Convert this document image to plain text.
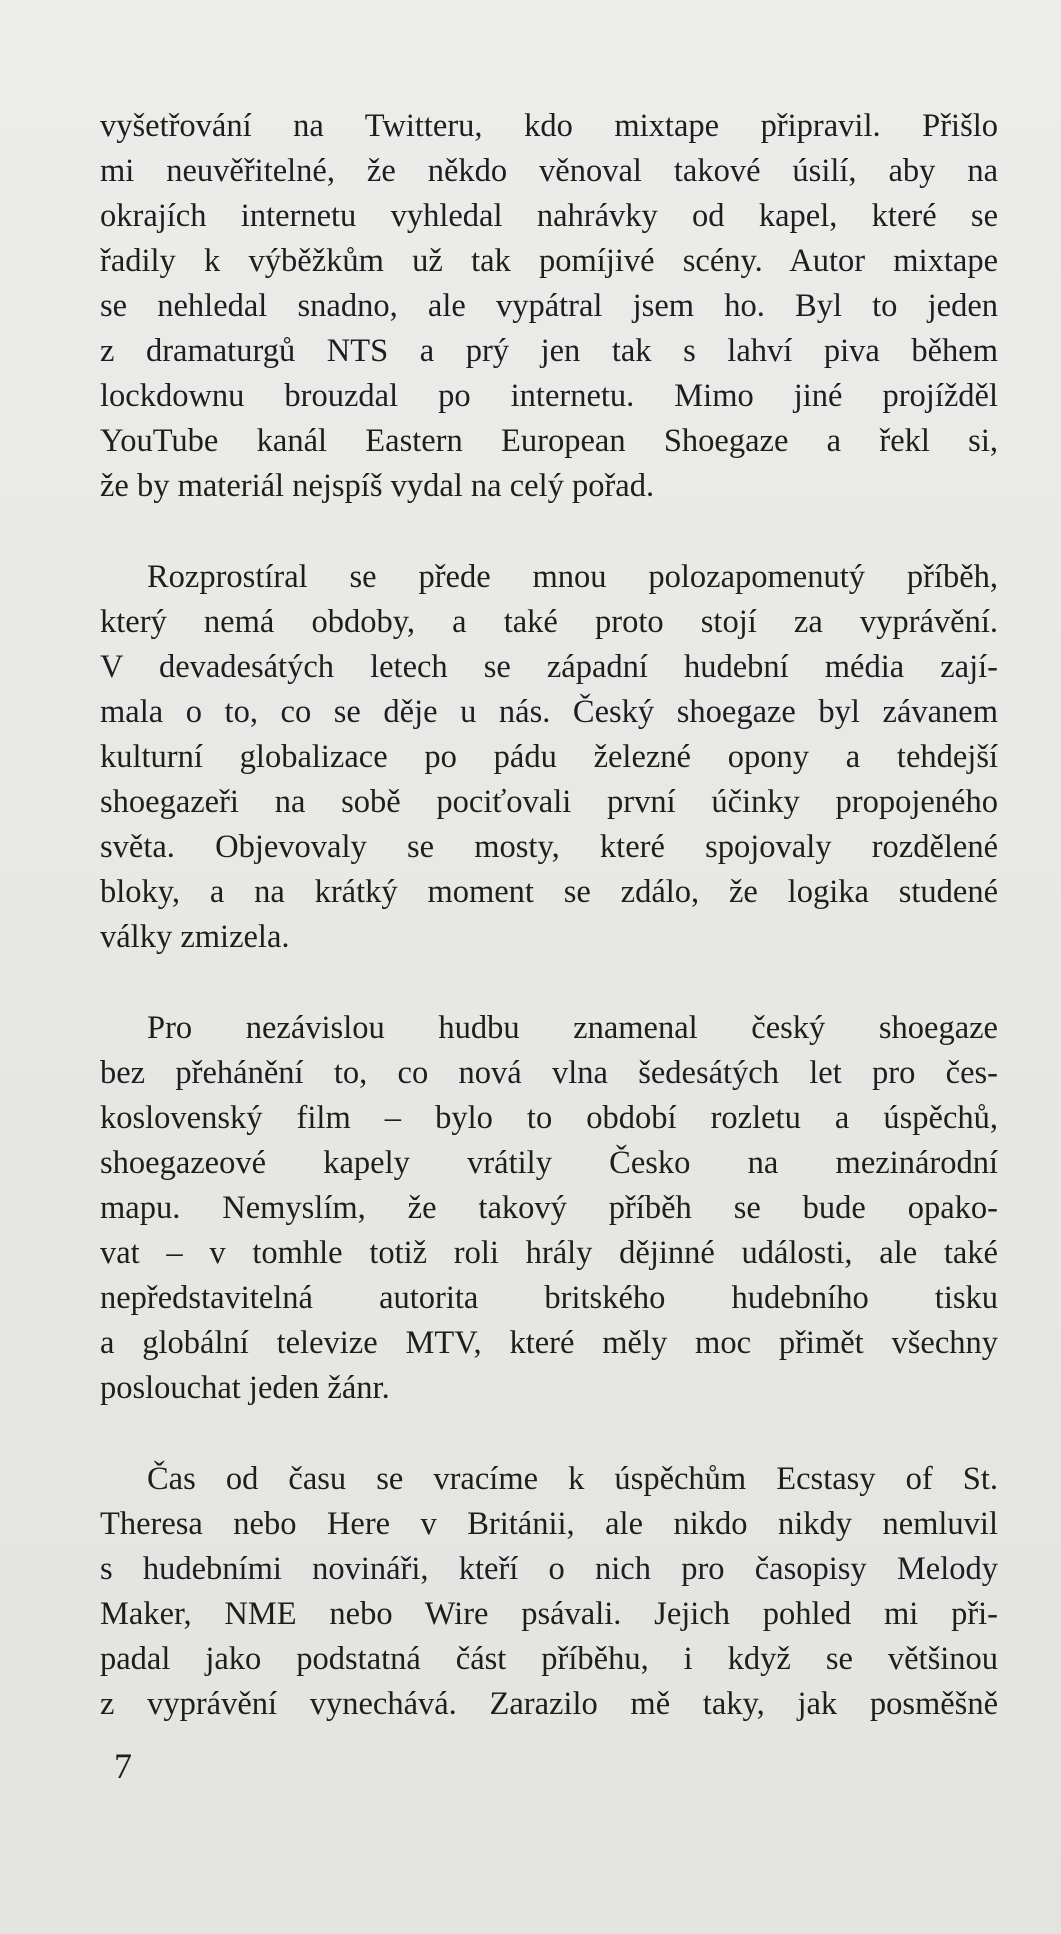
vyšetřování na Twitteru, kdo mixtape připravil. Přišlo
mi neuvěřitelné, že někdo věnoval takové úsilí, aby na
okrajích internetu vyhledal nahrávky od kapel, které se
řadily k výběžkům už tak pomíjivé scény. Autor mixtape
se nehledal snadno, ale vypátral jsem ho. Byl to jeden
z dramaturgů NTS a prý jen tak s lahví piva během
lockdownu brouzdal po internetu. Mimo jiné projížděl
YouTube kanál Eastern European Shoegaze a řekl si,
že by materiál nejspíš vydal na celý pořad.
Rozprostíral se přede mnou polozapomenutý příběh,
který nemá obdoby, a také proto stojí za vyprávění.
V devadesátých letech se západní hudební média zají-
mala o to, co se děje u nás. Český shoegaze byl závanem
kulturní globalizace po pádu železné opony a tehdejší
shoegazeři na sobě pociťovali první účinky propojeného
světa. Objevovaly se mosty, které spojovaly rozdělené
bloky, a na krátký moment se zdálo, že logika studené
války zmizela.
Pro nezávislou hudbu znamenal český shoegaze
bez přehánění to, co nová vlna šedesátých let pro čes-
koslovenský film – bylo to období rozletu a úspěchů,
shoegazeové kapely vrátily Česko na mezinárodní
mapu. Nemyslím, že takový příběh se bude opako-
vat – v tomhle totiž roli hrály dějinné události, ale také
nepředstavitelná autorita britského hudebního tisku
a globální televize MTV, které měly moc přimět všechny
poslouchat jeden žánr.
Čas od času se vracíme k úspěchům Ecstasy of St.
Theresa nebo Here v Británii, ale nikdo nikdy nemluvil
s hudebními novináři, kteří o nich pro časopisy Melody
Maker, NME nebo Wire psávali. Jejich pohled mi při-
padal jako podstatná část příběhu, i když se většinou
z vyprávění vynechává. Zarazilo mě taky, jak posměšně
7
